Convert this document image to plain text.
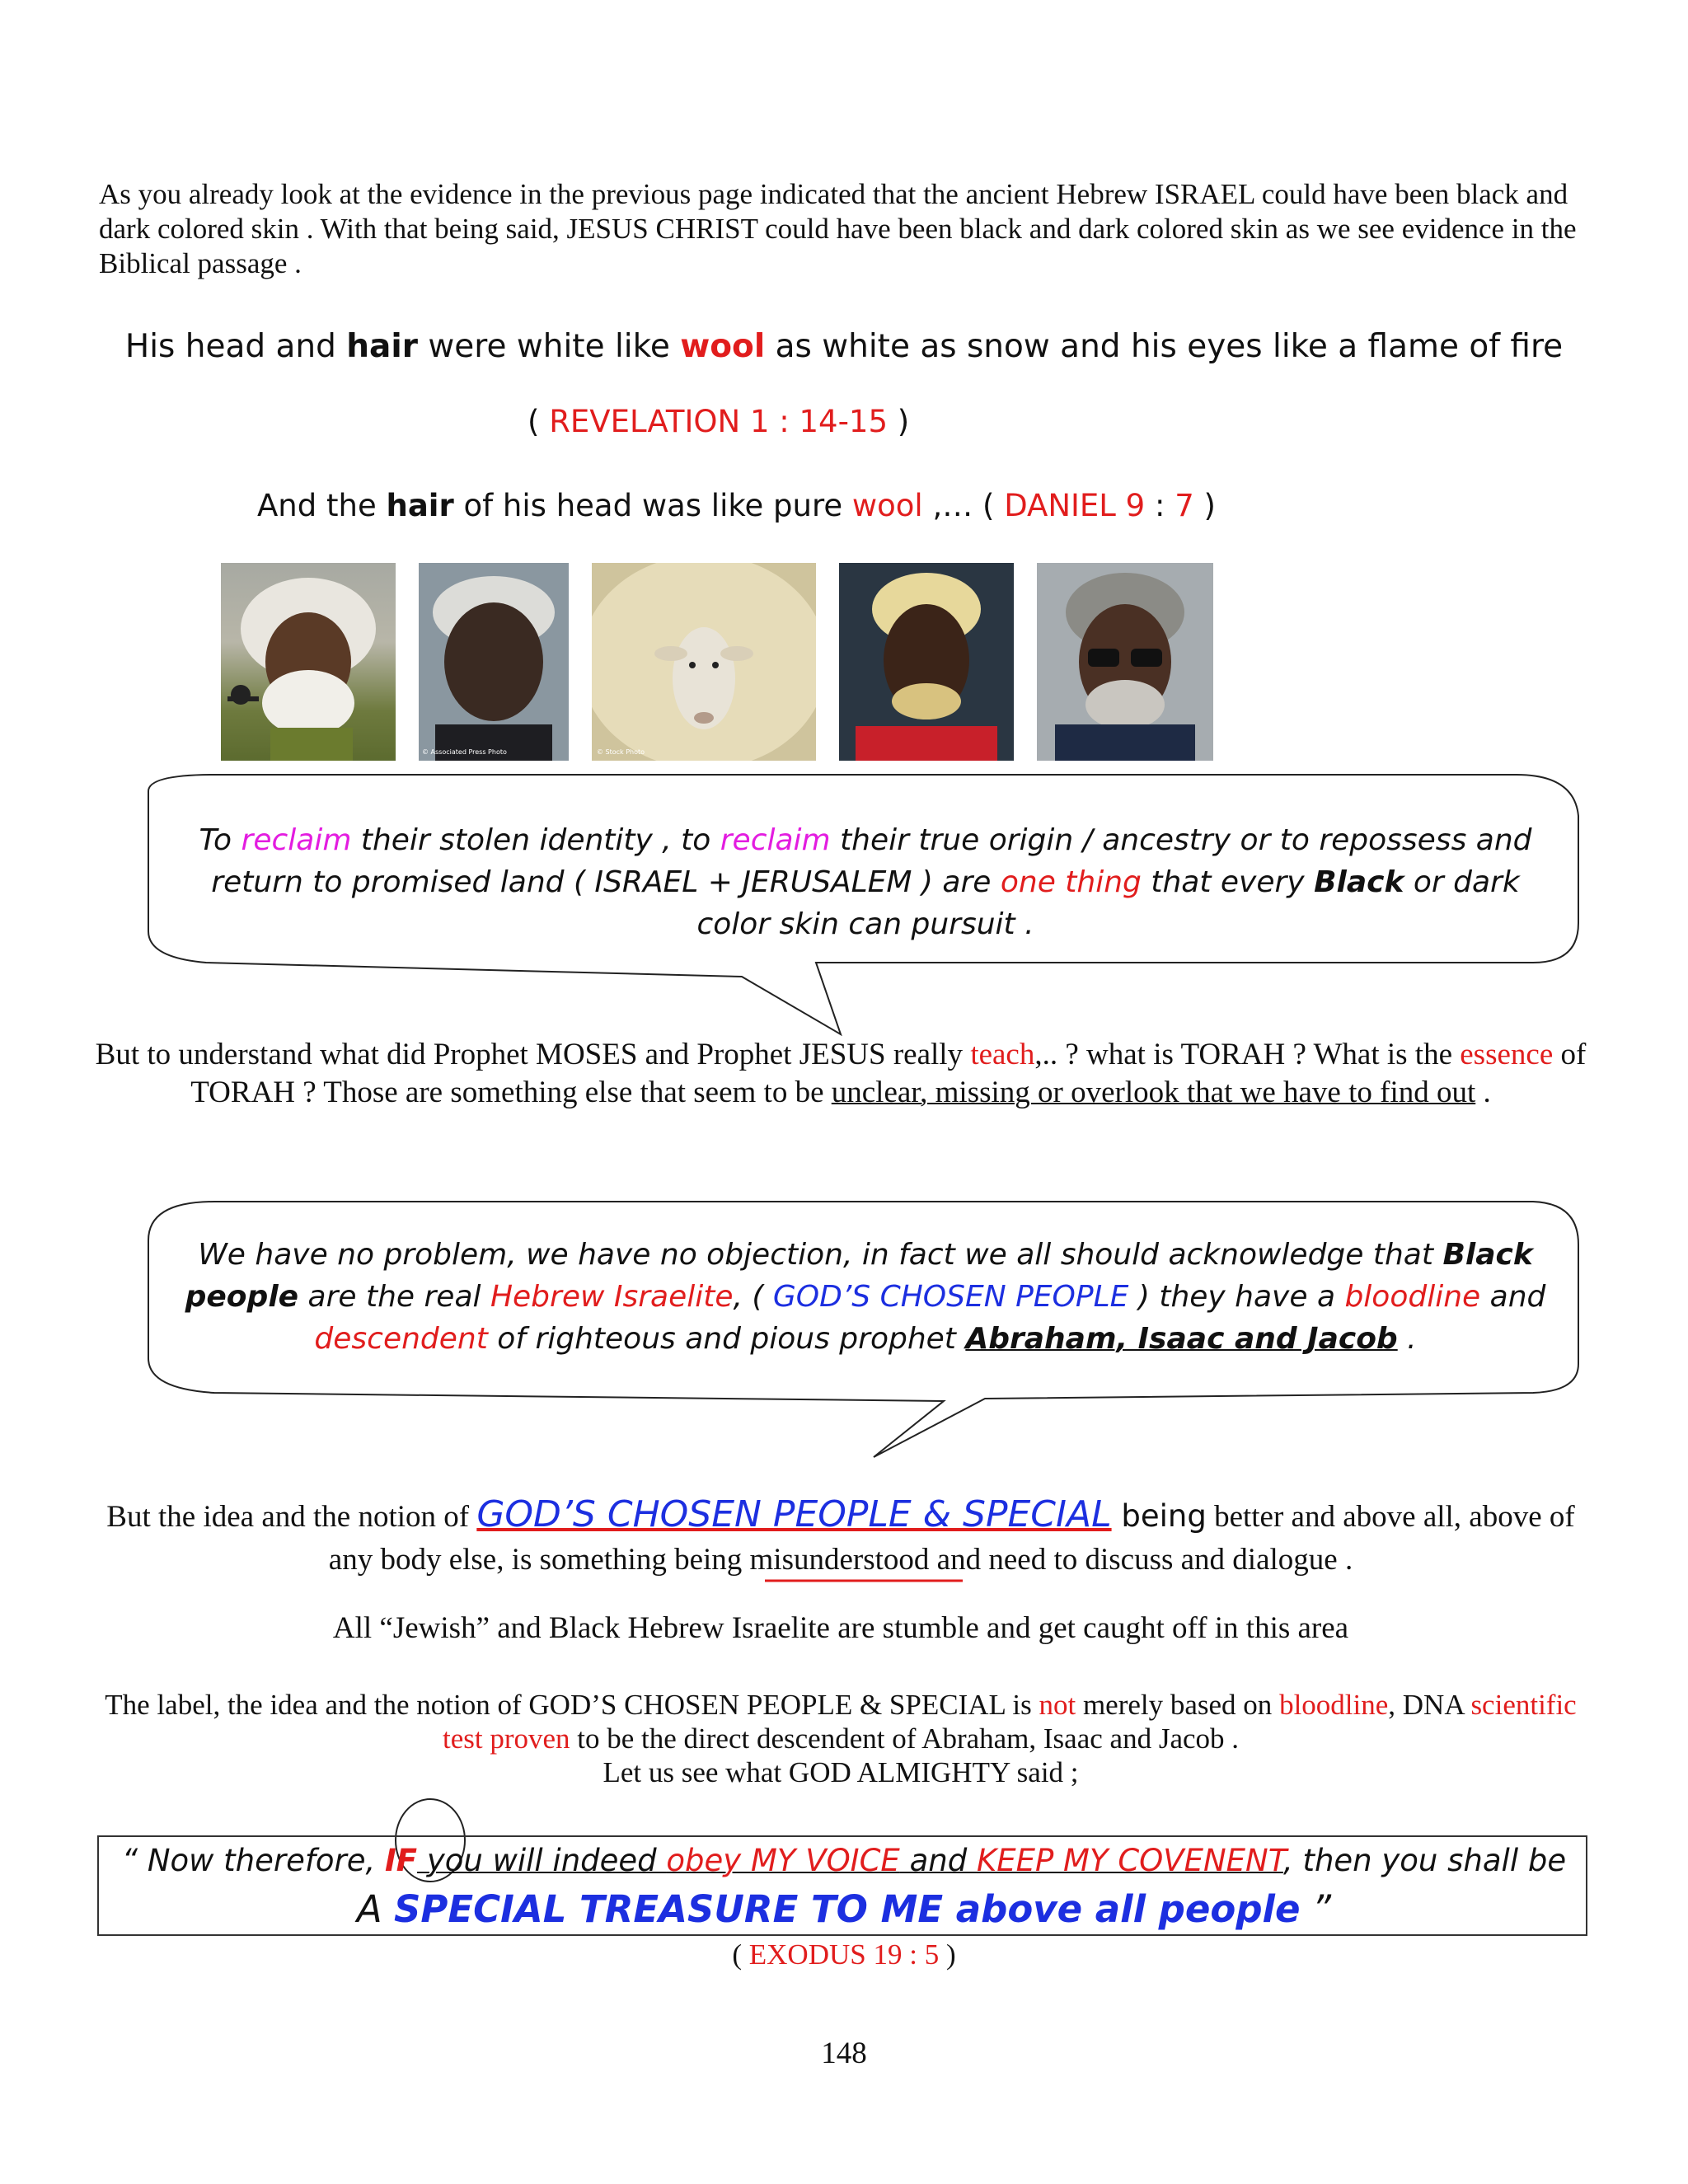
As you already look at the evidence in the previous page indicated that the ancient Hebrew ISRAEL could have been black and dark colored skin . With that being said, JESUS CHRIST could have been black and dark colored skin as we see evidence in the Biblical passage .
His head and hair were white like wool as white as snow and his eyes like a flame of fire
( REVELATION 1 : 14-15 )
And the hair of his head was like pure wool ,… ( DANIEL 9 : 7 )
© Associated Press Photo	© Stock Photo
To reclaim their stolen identity , to reclaim their true origin / ancestry or to repossess and return to promised land ( ISRAEL + JERUSALEM ) are one thing that every Black or dark color skin can pursuit .
But to understand what did Prophet MOSES and Prophet JESUS really teach,.. ? what is TORAH ? What is the essence of TORAH ? Those are something else that seem to be unclear, missing or overlook that we have to find out .
We have no problem, we have no objection, in fact we all should acknowledge that Black people are the real Hebrew Israelite, ( GOD’S CHOSEN PEOPLE ) they have a bloodline and descendent of righteous and pious prophet Abraham, Isaac and Jacob .
But the idea and the notion of GOD’S CHOSEN PEOPLE & SPECIAL being better and above all, above of any body else, is something being misunderstood and need to discuss and dialogue .
All “Jewish” and Black Hebrew Israelite are stumble and get caught off in this area
The label, the idea and the notion of GOD’S CHOSEN PEOPLE & SPECIAL is not merely based on bloodline, DNA scientific test proven to be the direct descendent of Abraham, Isaac and Jacob .
Let us see what GOD ALMIGHTY said ;
“ Now therefore, IF you will indeed obey MY VOICE and KEEP MY COVENENT, then you shall be
A SPECIAL TREASURE TO ME above all people ”
( EXODUS 19 : 5 )
148
